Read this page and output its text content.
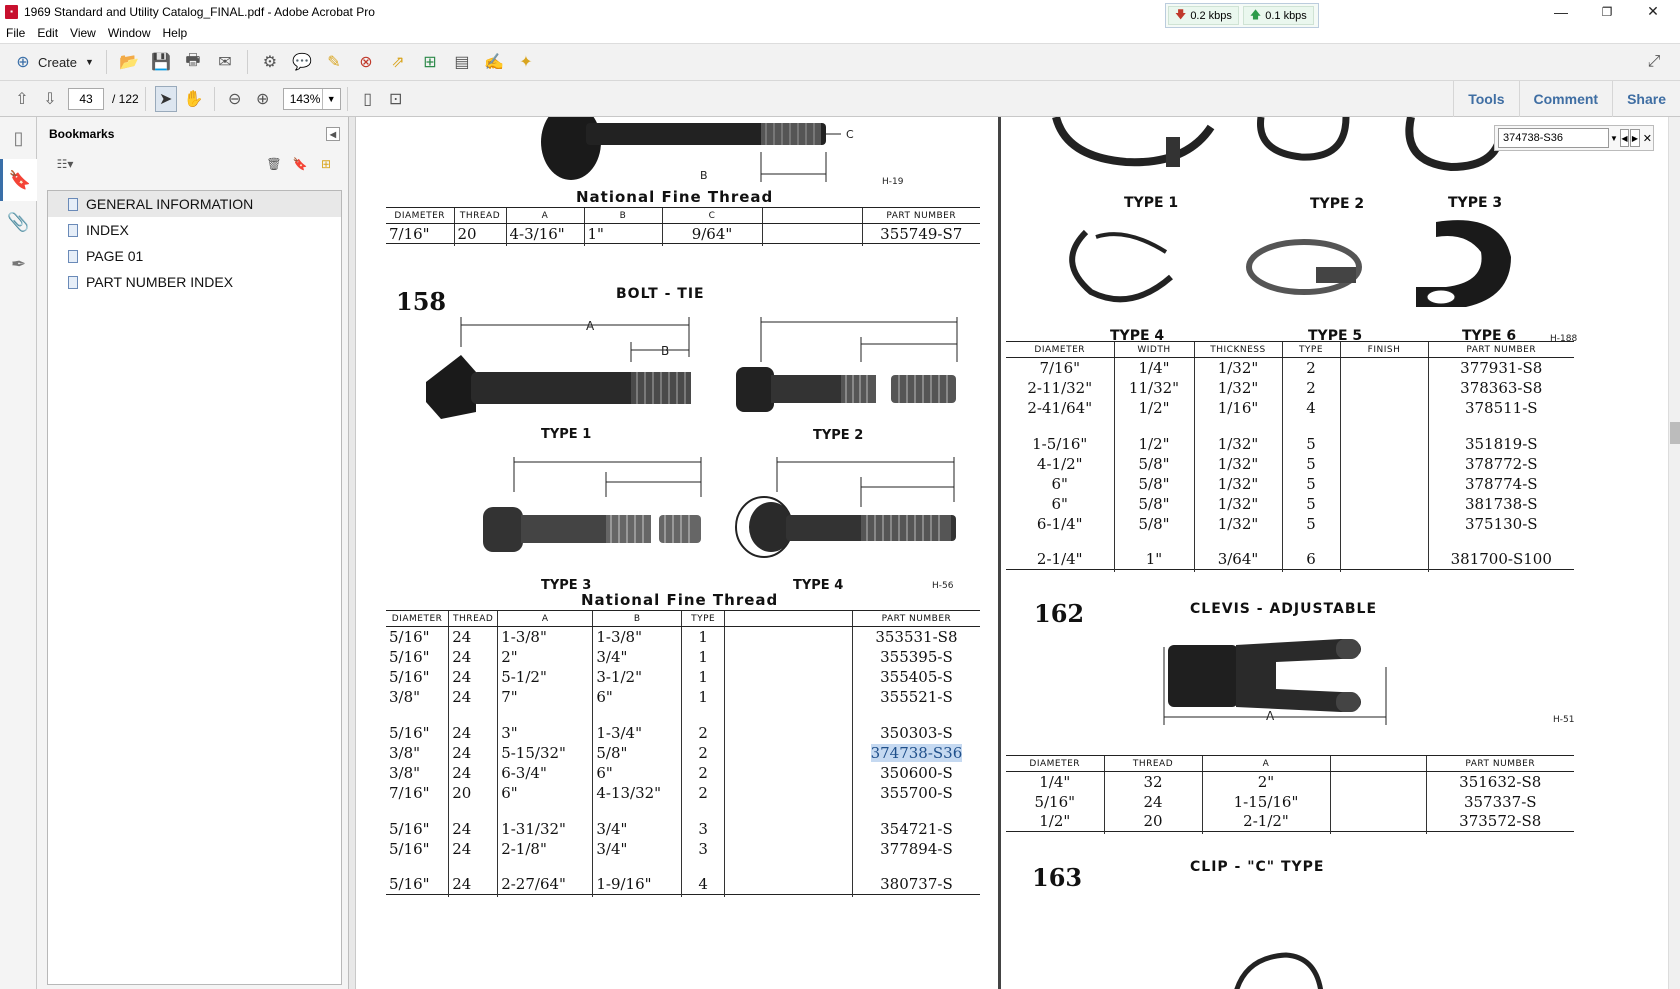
▪ 1969 Standard and Utility Catalog_FINAL.pdf - Adobe Acrobat Pro	🡇 0.2 kbps 🡅 0.1 kbps	—	❐	✕
File	Edit	View	Window	Help
⊕ Create ▼ 📂 💾 🖶	✉	⚙ 💬 ✎	⊗	⇗	⊞	▤ ✍ ✦	⤢
⇧ ⇩	43	/ 122 ➤ ✋ ⊖ ⊕	143% ▼	▯	⊡	Tools	Comment	Share
▯
🔖
📎
✒
Bookmarks	◀
☷▾	🗑 🔖	⊞
GENERAL INFORMATION
INDEX
PAGE 01
PART NUMBER INDEX
B
C
H-19
National Fine Thread
DIAMETER	THREAD	A	B	C		PART NUMBER
7/16"	20	4-3/16"	1"	9/64"		355749-S7

158	BOLT - TIE
A
B
TYPE 1	TYPE 2
TYPE 3	TYPE 4	H-56
National Fine Thread
DIAMETER	THREAD	A	B	TYPE		PART NUMBER
5/16"	24	1-3/8"	1-3/8"	1		353531-S8
5/16"	24	2"	3/4"	1		355395-S
5/16"	24	5-1/2"	3-1/2"	1		355405-S
3/8"	24	7"	6"	1		355521-S

5/16"	24	3"	1-3/4"	2		350303-S
3/8"	24	5-15/32"	5/8"	2		374738-S36
3/8"	24	6-3/4"	6"	2		350600-S
7/16"	20	6"	4-13/32"	2		355700-S

5/16"	24	1-31/32"	3/4"	3		354721-S
5/16"	24	2-1/8"	3/4"	3		377894-S

5/16"	24	2-27/64"	1-9/16"	4		380737-S

TYPE 1	TYPE 2	TYPE 3
TYPE 4	TYPE 5	TYPE 6	H-188
DIAMETER	WIDTH	THICKNESS	TYPE	FINISH	PART NUMBER
7/16"	1/4"	1/32"	2		377931-S8
2-11/32"	11/32"	1/32"	2		378363-S8
2-41/64"	1/2"	1/16"	4		378511-S

1-5/16"	1/2"	1/32"	5		351819-S
4-1/2"	5/8"	1/32"	5		378772-S
6"	5/8"	1/32"	5		378774-S
6"	5/8"	1/32"	5		381738-S
6-1/4"	5/8"	1/32"	5		375130-S

2-1/4"	1"	3/64"	6		381700-S100

162	CLEVIS - ADJUSTABLE
A	H-51
DIAMETER	THREAD	A		PART NUMBER
1/4"	32	2"		351632-S8
5/16"	24	1-15/16"		357337-S
1/2"	20	2-1/2"		373572-S8

163	CLIP - "C" TYPE
374738-S36	▼ ◀ ▶ ✕
